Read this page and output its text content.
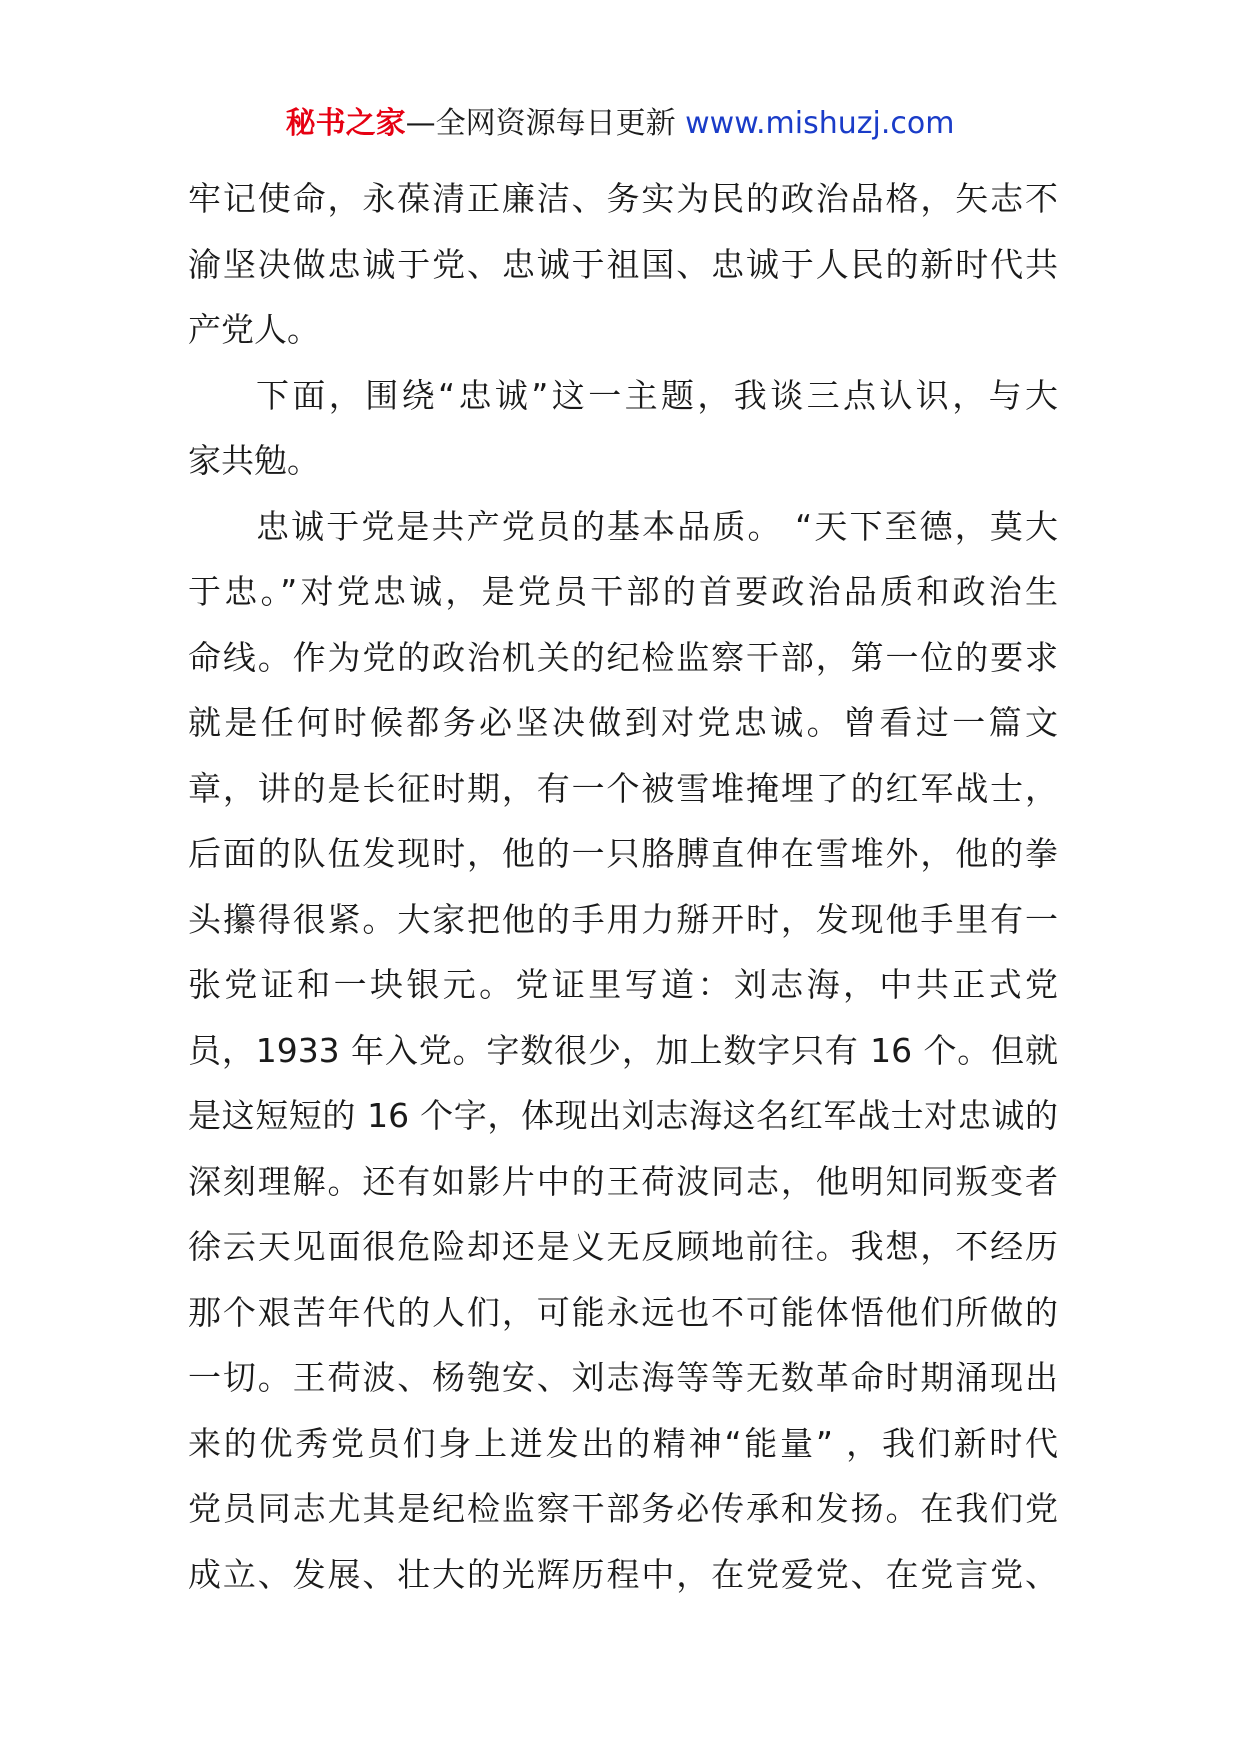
秘书之家—全网资源每日更新 www.mishuzj.com
牢记使命，永葆清正廉洁、务实为民的政治品格，矢志不
渝坚决做忠诚于党、忠诚于祖国、忠诚于人民的新时代共
产党人。
下面，围绕“忠诚”这一主题，我谈三点认识，与大
家共勉。
忠诚于党是共产党员的基本品质。 “天下至德，莫大
于忠。”对党忠诚，是党员干部的首要政治品质和政治生
命线。作为党的政治机关的纪检监察干部，第一位的要求
就是任何时候都务必坚决做到对党忠诚。曾看过一篇文
章，讲的是长征时期，有一个被雪堆掩埋了的红军战士，
后面的队伍发现时，他的一只胳膊直伸在雪堆外，他的拳
头攥得很紧。大家把他的手用力掰开时，发现他手里有一
张党证和一块银元。党证里写道：刘志海，中共正式党
员，1933 年入党。字数很少，加上数字只有 16 个。但就
是这短短的 16 个字，体现出刘志海这名红军战士对忠诚的
深刻理解。还有如影片中的王荷波同志，他明知同叛变者
徐云天见面很危险却还是义无反顾地前往。我想，不经历
那个艰苦年代的人们，可能永远也不可能体悟他们所做的
一切。王荷波、杨匏安、刘志海等等无数革命时期涌现出
来的优秀党员们身上迸发出的精神“能量” ，我们新时代
党员同志尤其是纪检监察干部务必传承和发扬。在我们党
成立、发展、壮大的光辉历程中，在党爱党、在党言党、
